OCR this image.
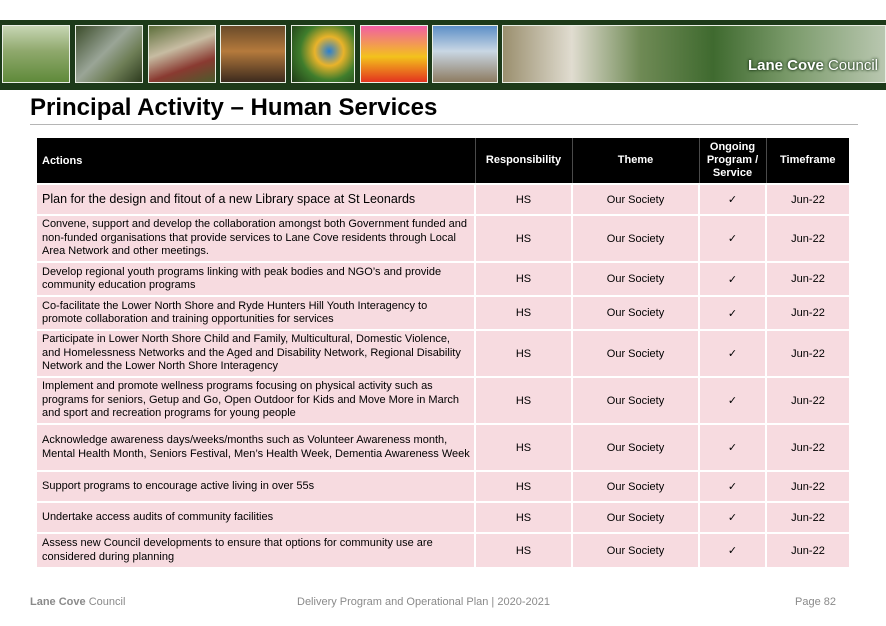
Lane Cove Council
Principal Activity – Human Services
Actions	Responsibility	Theme	Ongoing Program / Service	Timeframe
Plan for the design and fitout of a new Library space at St Leonards	HS	Our Society	✓	Jun-22
Convene, support and develop the collaboration amongst both Government funded and non-funded organisations that provide services to Lane Cove residents through Local Area Network and other meetings.	HS	Our Society	✓	Jun-22
Develop regional youth programs linking with peak bodies and NGO’s and provide community education programs	HS	Our Society	✓	Jun-22
Co-facilitate the Lower North Shore and Ryde Hunters Hill Youth Interagency to promote collaboration and training opportunities for services	HS	Our Society	✓	Jun-22
Participate in Lower North Shore Child and Family, Multicultural, Domestic Violence, and Homelessness Networks and the Aged and Disability Network, Regional Disability Network and the Lower North Shore Interagency	HS	Our Society	✓	Jun-22
Implement and promote wellness programs focusing on physical activity such as programs for seniors, Getup and Go, Open Outdoor for Kids and Move More in March and sport and recreation programs for young people	HS	Our Society	✓	Jun-22
Acknowledge awareness days/weeks/months such as Volunteer Awareness month, Mental Health Month, Seniors Festival, Men’s Health Week, Dementia Awareness Week	HS	Our Society	✓	Jun-22
Support programs to encourage active living in over 55s	HS	Our Society	✓	Jun-22
Undertake access audits of community facilities	HS	Our Society	✓	Jun-22
Assess new Council developments to ensure that options for community use are considered during planning	HS	Our Society	✓	Jun-22
Lane Cove Council	Delivery Program and Operational Plan | 2020-2021	Page 82
